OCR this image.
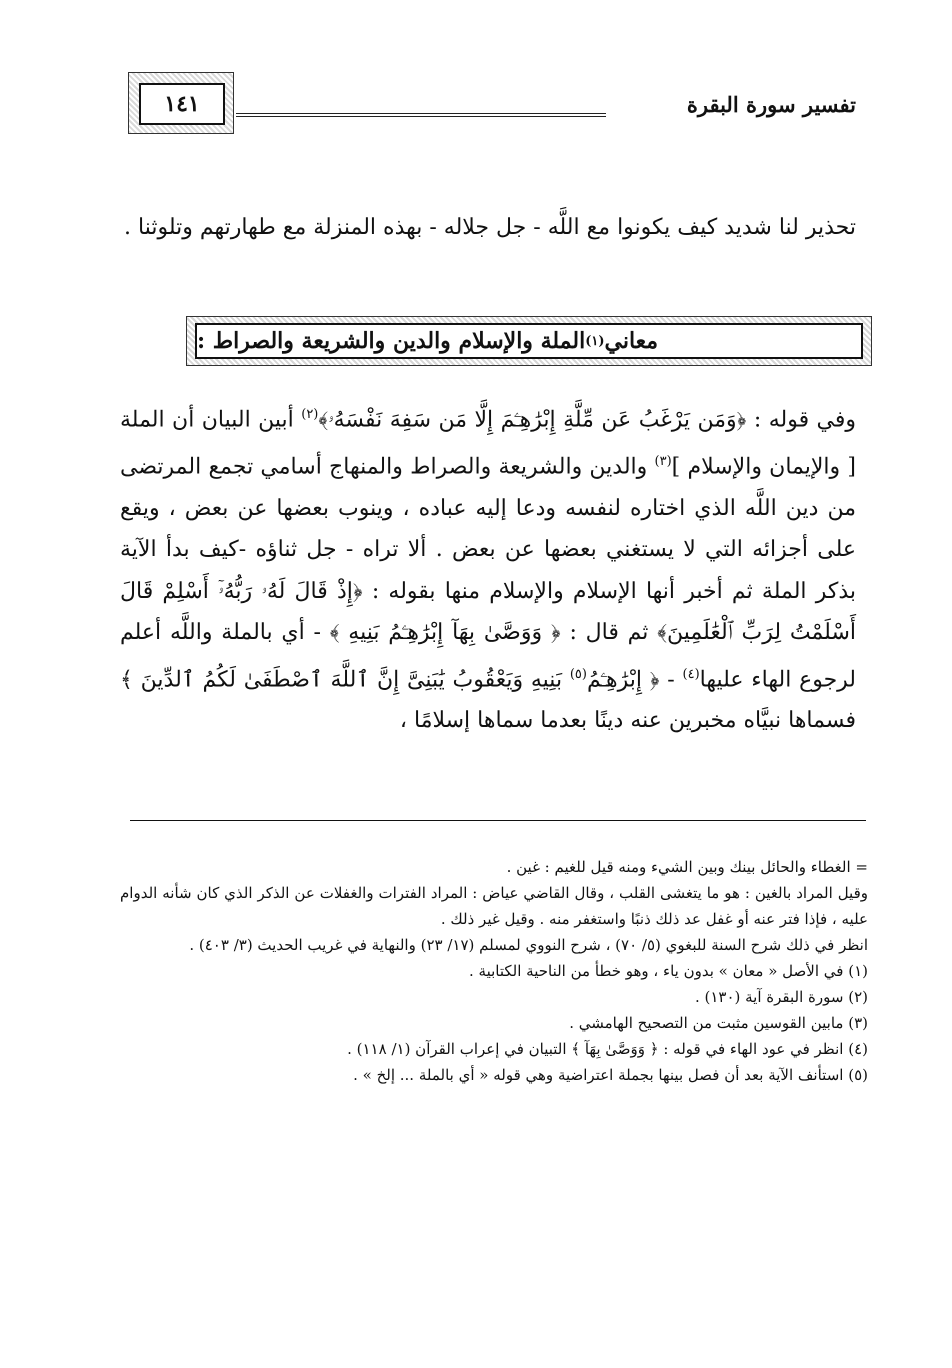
تفسير سورة البقرة
١٤١
تحذير لنا شديد كيف يكونوا مع اللَّه - جل جلاله - بهذه المنزلة مع طهارتهم وتلوثنا .
معاني
(١)
الملة والإسلام والدين والشريعة والصراط :
وفي قوله : ﴿وَمَن يَرْغَبُ عَن مِّلَّةِ إِبْرَٰهِـۧمَ إِلَّا مَن سَفِهَ نَفْسَهُۥ﴾$^{(٢)}$ أبين البيان أن الملة [ والإيمان والإسلام ]$^{(٣)}$ والدين والشريعة والصراط والمنهاج أسامي تجمع المرتضى من دين اللَّه الذي اختاره لنفسه ودعا إليه عباده ، وينوب بعضها عن بعض ، ويقع على أجزائه التي لا يستغني بعضها عن بعض . ألا تراه - جل ثناؤه -كيف بدأ الآية بذكر الملة ثم أخبر أنها الإسلام والإسلام منها بقوله : ﴿إِذْ قَالَ لَهُۥ رَبُّهُۥٓ أَسْلِمْ قَالَ أَسْلَمْتُ لِرَبِّ ٱلْعَٰلَمِينَ﴾ ثم قال : ﴿ وَوَصَّىٰ بِهَآ إِبْرَٰهِـۧمُ بَنِيهِ ﴾ - أي بالملة واللَّه أعلم لرجوع الهاء عليها$^{(٤)}$ - ﴿ إِبْرَٰهِـۧمُ$^{(٥)}$ بَنِيهِ وَيَعْقُوبُ يَٰبَنِىَّ إِنَّ ٱللَّهَ ٱصْطَفَىٰ لَكُمُ ٱلدِّينَ ﴾ فسماها نبيَّاه مخبرين عنه دينًا بعدما سماها إسلامًا ،
= الغطاء والحائل بينك وبين الشيء ومنه قيل للغيم : غين .
وقيل المراد بالغين : هو ما يتغشى القلب ، وقال القاضي عياض : المراد الفترات والغفلات عن الذكر الذي كان شأنه الدوام عليه ، فإذا فتر عنه أو غفل عد ذلك ذنبًا واستغفر منه . وقيل غير ذلك .
انظر في ذلك شرح السنة للبغوي (٥/ ٧٠) ، شرح النووي لمسلم (١٧/ ٢٣) والنهاية في غريب الحديث (٣/ ٤٠٣) .
(١) في الأصل « معان » بدون ياء ، وهو خطأ من الناحية الكتابية .
(٢) سورة البقرة آية (١٣٠) .
(٣) مابين القوسين مثبت من التصحيح الهامشي .
(٤) انظر في عود الهاء في قوله : ﴿ وَوَصَّىٰ بِهَآ ﴾ التبيان في إعراب القرآن (١/ ١١٨) .
(٥) استأنف الآية بعد أن فصل بينها بجملة اعتراضية وهي قوله « أي بالملة ... إلخ » .
